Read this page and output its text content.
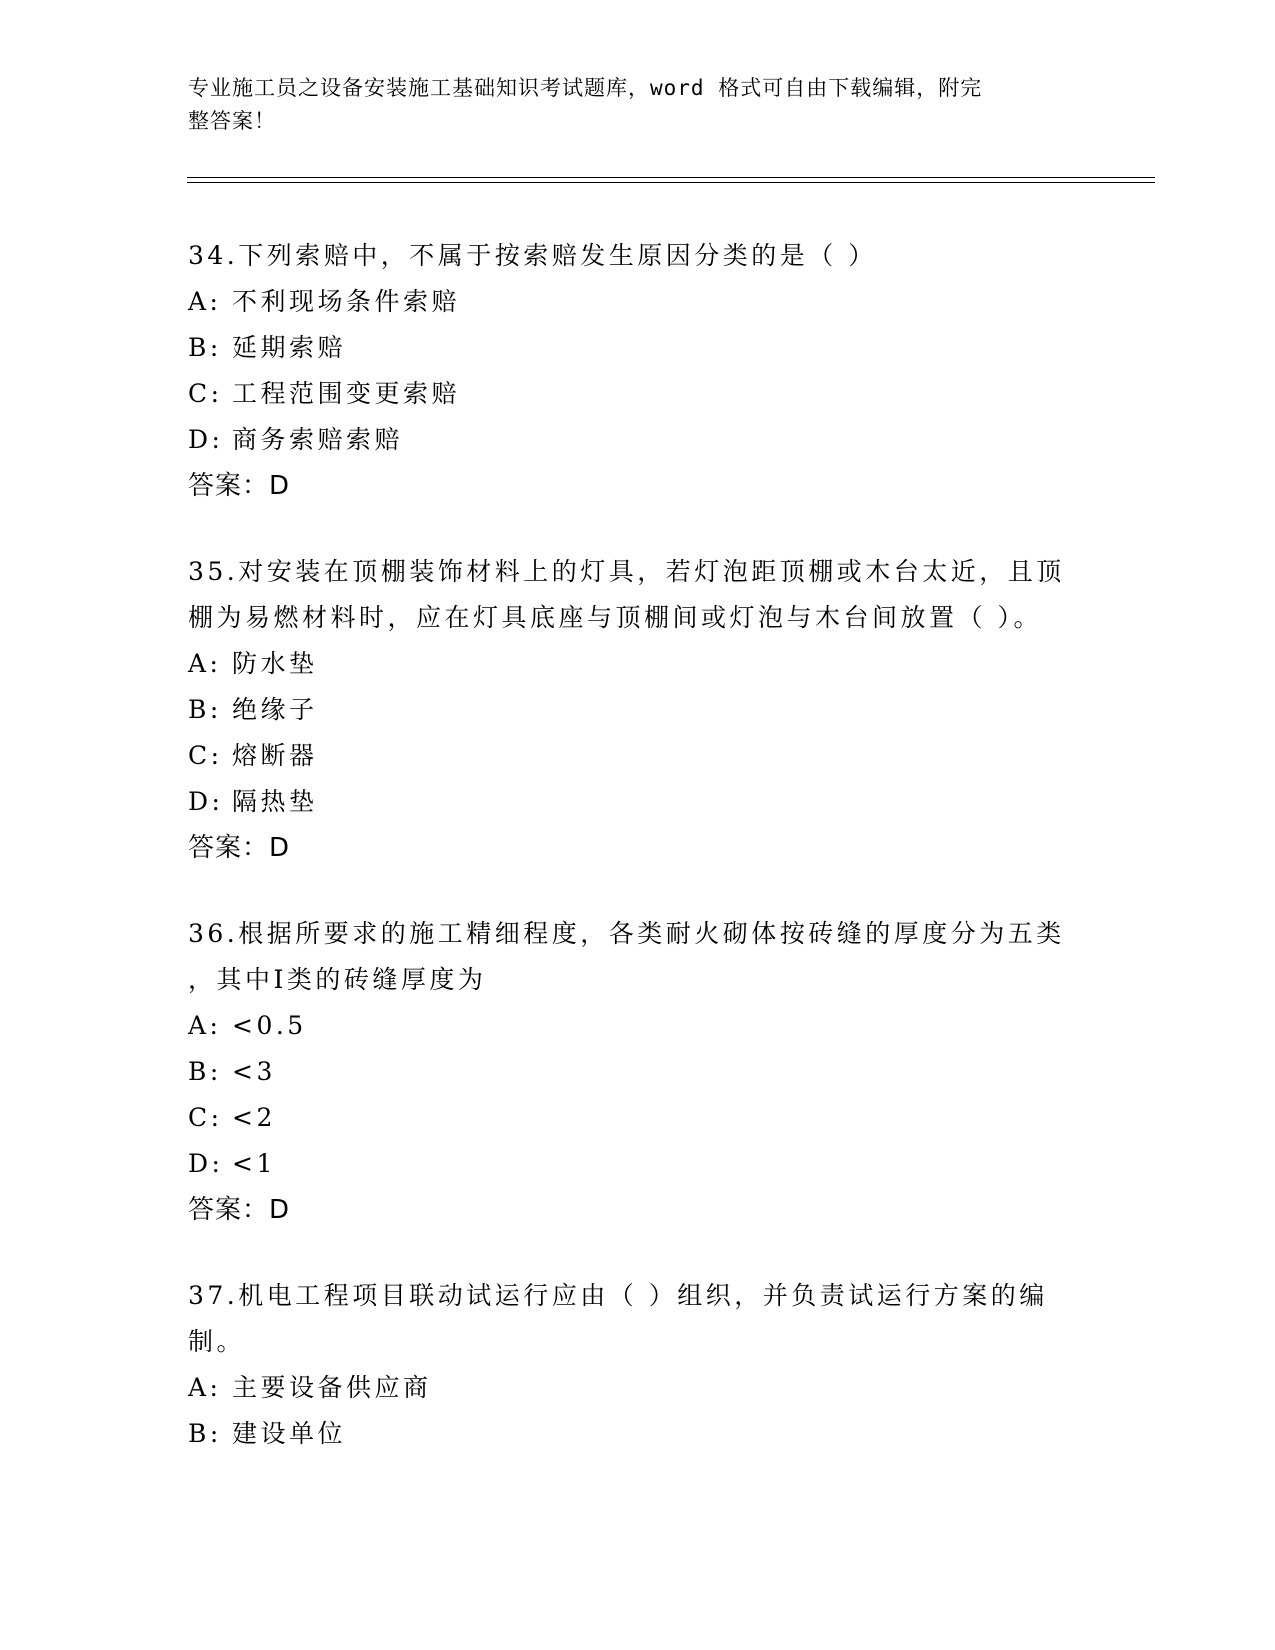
专业施工员之设备安装施工基础知识考试题库，word 格式可自由下载编辑，附完
整答案！
34.下列索赔中，不属于按索赔发生原因分类的是（ ）
A: 不利现场条件索赔
B: 延期索赔
C: 工程范围变更索赔
D: 商务索赔索赔
答案：D
35.对安装在顶棚装饰材料上的灯具，若灯泡距顶棚或木台太近，且顶
棚为易燃材料时，应在灯具底座与顶棚间或灯泡与木台间放置（ ）。
A: 防水垫
B: 绝缘子
C: 熔断器
D: 隔热垫
答案：D
36.根据所要求的施工精细程度，各类耐火砌体按砖缝的厚度分为五类
，其中Ⅰ类的砖缝厚度为
A: <0.5
B: <3
C: <2
D: <1
答案：D
37.机电工程项目联动试运行应由（ ）组织，并负责试运行方案的编
制。
A: 主要设备供应商
B: 建设单位
